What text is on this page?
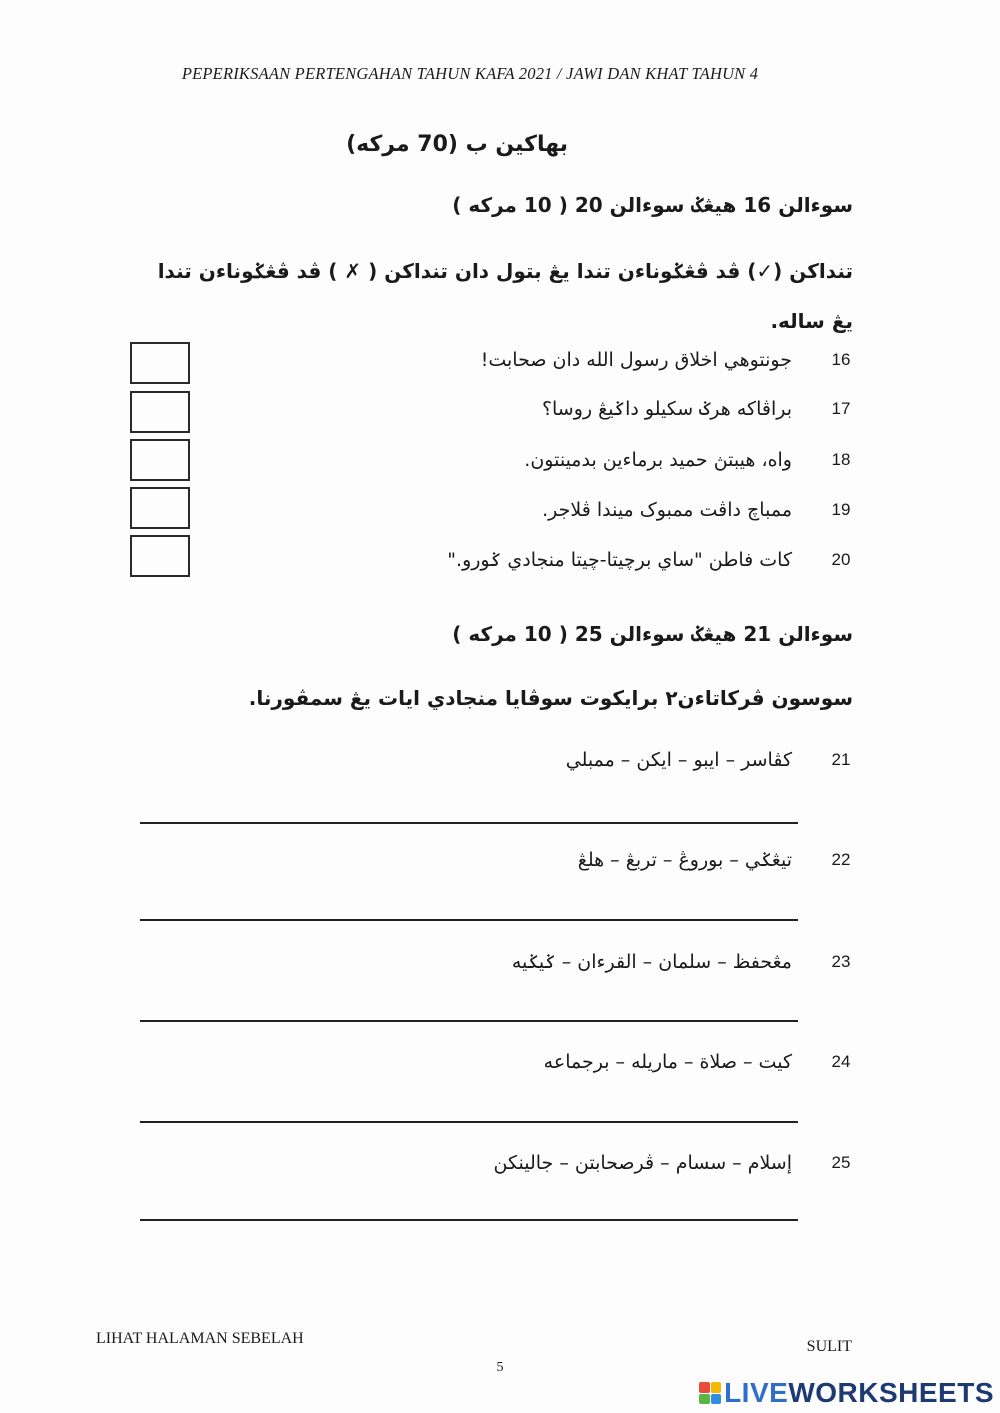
PEPERIKSAAN PERTENGAHAN TAHUN KAFA 2021 / JAWI DAN KHAT TAHUN 4
بهاكين ب (70 مركه)
سوءالن 16 هيڠݢ سوءالن 20 ( 10 مركه )
تنداكن (✓) ڤد ڤڠݢوناءن تندا يڠ بتول دان تنداكن ( ✗ ) ڤد ڤڠݢوناءن تندا يڠ ساله.
16
جونتوهي اخلاق رسول الله دان صحابت!
17
براڤاكه هرݢ سكيلو داݢيڠ روسا؟
18
واه، هيبتڽ حميد برماءين بدمينتون.
19
ممباچ داڤت ممبوک ميندا ڤلاجر.
20
كات فاطن "ساي برچيتا-چيتا منجادي ݢورو."
سوءالن 21 هيڠݢ سوءالن 25 ( 10 مركه )
سوسون ڤركاتاءن٢ برايكوت سوڤايا منجادي ايات يڠ سمڤورنا.
21
كڤاسر – ايبو – ايكن – ممبلي
22
تيڠݢي – بوروڠ – تربڠ – هلڠ
23
مڠحفظ – سلمان – القرءان – ݢيݢيه
24
كيت – صلاة – ماريله – برجماعه
25
إسلام – سسام – ڤرصحابتن – جالينكن
LIHAT HALAMAN SEBELAH	SULIT
5
LIVEWORKSHEETS
